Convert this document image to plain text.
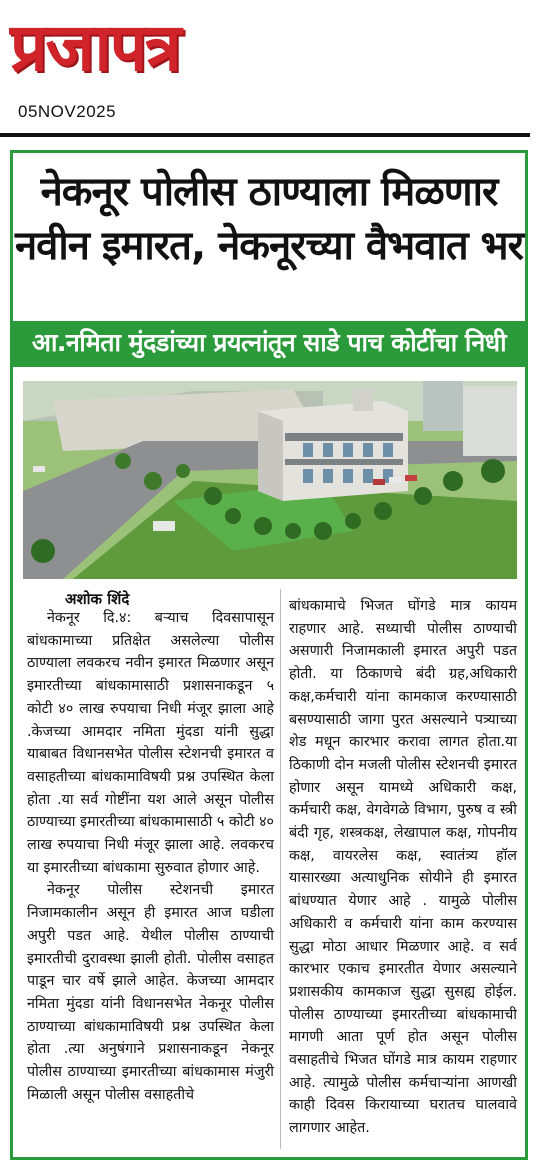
प्रजापत्र
05NOV2025
नेकनूर पोलीस ठाण्याला मिळणार
नवीन इमारत, नेकनूरच्या वैभवात भर
आ.नमिता मुंदडांच्या प्रयत्नांतून साडे पाच कोटींचा निधी
अशोक शिंदे

नेकनूर दि.४: बऱ्याच दिवसापासून बांधकामाच्या प्रतिक्षेत असलेल्या पोलीस ठाण्याला लवकरच नवीन इमारत मिळणार असून इमारतीच्या बांधकामासाठी प्रशासनाकडून ५ कोटी ४० लाख रुपयाचा निधी मंजूर झाला आहे .केजच्या आमदार नमिता मुंदडा यांनी सुद्धा याबाबत विधानसभेत पोलीस स्टेशनची इमारत व वसाहतीच्या बांधकामाविषयी प्रश्न उपस्थित केला होता .या सर्व गोष्टींना यश आले असून पोलीस ठाण्याच्या इमारतीच्या बांधकामासाठी ५ कोटी ४० लाख रुपयाचा निधी मंजूर झाला आहे. लवकरच या इमारतीच्या बांधकामा सुरुवात होणार आहे.

नेकनूर पोलीस स्टेशनची इमारत निजामकालीन असून ही इमारत आज घडीला अपुरी पडत आहे. येथील पोलीस ठाण्याची इमारतीची दुरावस्था झाली होती. पोलीस वसाहत पाडून चार वर्षे झाले आहेत. केजच्या आमदार नमिता मुंदडा यांनी विधानसभेत नेकनूर पोलीस ठाण्याच्या बांधकामाविषयी प्रश्न उपस्थित केला होता .त्या अनुषंगाने प्रशासनाकडून नेकनूर पोलीस ठाण्याच्या इमारतीच्या बांधकामास मंजुरी मिळाली असून पोलीस वसाहतीचे

बांधकामाचे भिजत घोंगडे मात्र कायम राहणार आहे. सध्याची पोलीस ठाण्याची असणारी निजामकाली इमारत अपुरी पडत होती. या ठिकाणचे बंदी ग्रह,अधिकारी कक्ष,कर्मचारी यांना कामकाज करण्यासाठी बसण्यासाठी जागा पुरत असल्याने पत्र्याच्या शेड मधून कारभार करावा लागत होता.या ठिकाणी दोन मजली पोलीस स्टेशनची इमारत होणार असून यामध्ये अधिकारी कक्ष, कर्मचारी कक्ष, वेगवेगळे विभाग, पुरुष व स्त्री बंदी गृह, शस्त्रकक्ष, लेखापाल कक्ष, गोपनीय कक्ष, वायरलेस कक्ष, स्वातंत्र्य हॉल यासारख्या अत्याधुनिक सोयीने ही इमारत बांधण्यात येणार आहे . यामुळे पोलीस अधिकारी व कर्मचारी यांना काम करण्यास सुद्धा मोठा आधार मिळणार आहे. व सर्व कारभार एकाच इमारतीत येणार असल्याने प्रशासकीय कामकाज सुद्धा सुसह्य होईल. पोलीस ठाण्याच्या इमारतीच्या बांधकामाची मागणी आता पूर्ण होत असून पोलीस वसाहतीचे भिजत घोंगडे मात्र कायम राहणार आहे. त्यामुळे पोलीस कर्मचाऱ्यांना आणखी काही दिवस किरायाच्या घरातच घालवावे लागणार आहेत.
